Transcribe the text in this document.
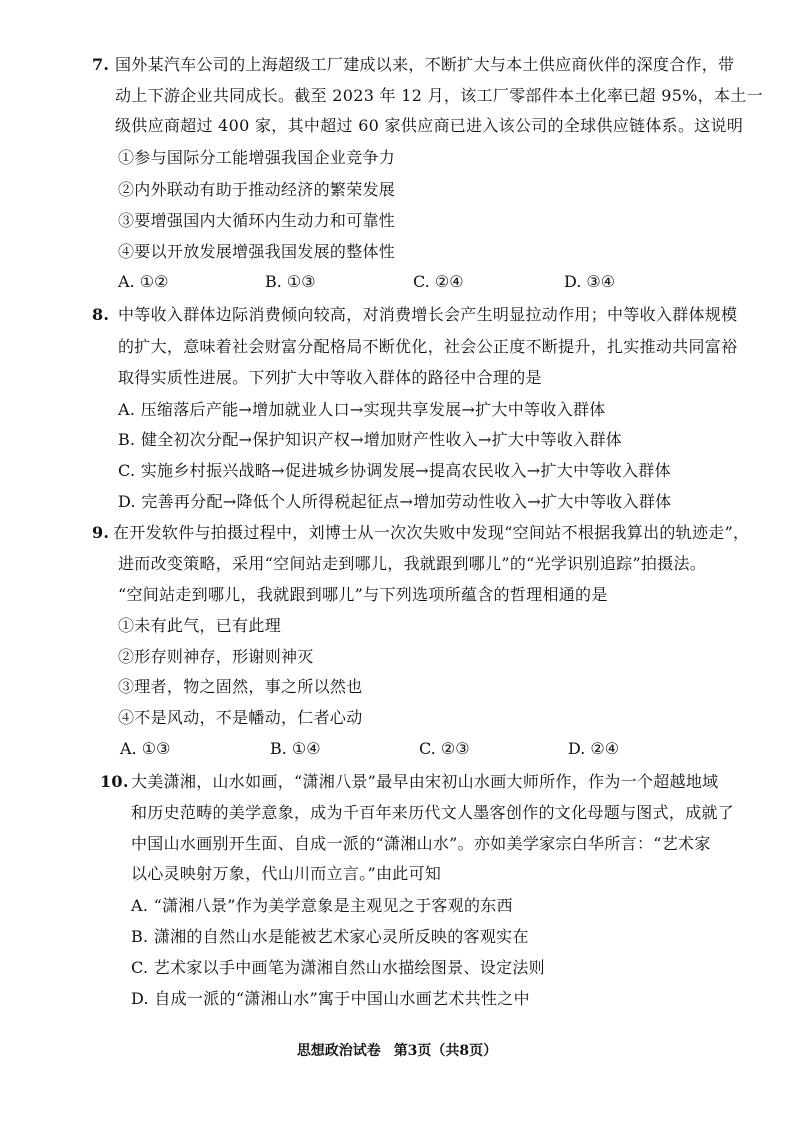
7. 国外某汽车公司的上海超级工厂建成以来，不断扩大与本土供应商伙伴的深度合作，带
动上下游企业共同成长。截至 2023 年 12 月，该工厂零部件本土化率已超 95%，本土一
级供应商超过 400 家，其中超过 60 家供应商已进入该公司的全球供应链体系。这说明
①参与国际分工能增强我国企业竞争力
②内外联动有助于推动经济的繁荣发展
③要增强国内大循环内生动力和可靠性
④要以开放发展增强我国发展的整体性
A. ①②	B. ①③	C. ②④	D. ③④
8. 中等收入群体边际消费倾向较高，对消费增长会产生明显拉动作用；中等收入群体规模
的扩大，意味着社会财富分配格局不断优化，社会公正度不断提升，扎实推动共同富裕
取得实质性进展。下列扩大中等收入群体的路径中合理的是
A. 压缩落后产能→增加就业人口→实现共享发展→扩大中等收入群体
B. 健全初次分配→保护知识产权→增加财产性收入→扩大中等收入群体
C. 实施乡村振兴战略→促进城乡协调发展→提高农民收入→扩大中等收入群体
D. 完善再分配→降低个人所得税起征点→增加劳动性收入→扩大中等收入群体
9. 在开发软件与拍摄过程中，刘博士从一次次失败中发现“空间站不根据我算出的轨迹走”，
进而改变策略，采用“空间站走到哪儿，我就跟到哪儿”的“光学识别追踪”拍摄法。
“空间站走到哪儿，我就跟到哪儿”与下列选项所蕴含的哲理相通的是
①未有此气，已有此理
②形存则神存，形谢则神灭
③理者，物之固然，事之所以然也
④不是风动，不是幡动，仁者心动
A. ①③	B. ①④	C. ②③	D. ②④
10. 大美潇湘，山水如画，“潇湘八景”最早由宋初山水画大师所作，作为一个超越地域
和历史范畴的美学意象，成为千百年来历代文人墨客创作的文化母题与图式，成就了
中国山水画别开生面、自成一派的“潇湘山水”。亦如美学家宗白华所言：“艺术家
以心灵映射万象，代山川而立言。”由此可知
A. “潇湘八景”作为美学意象是主观见之于客观的东西
B. 潇湘的自然山水是能被艺术家心灵所反映的客观实在
C. 艺术家以手中画笔为潇湘自然山水描绘图景、设定法则
D. 自成一派的“潇湘山水”寓于中国山水画艺术共性之中
思想政治试卷 第3页（共8页）
